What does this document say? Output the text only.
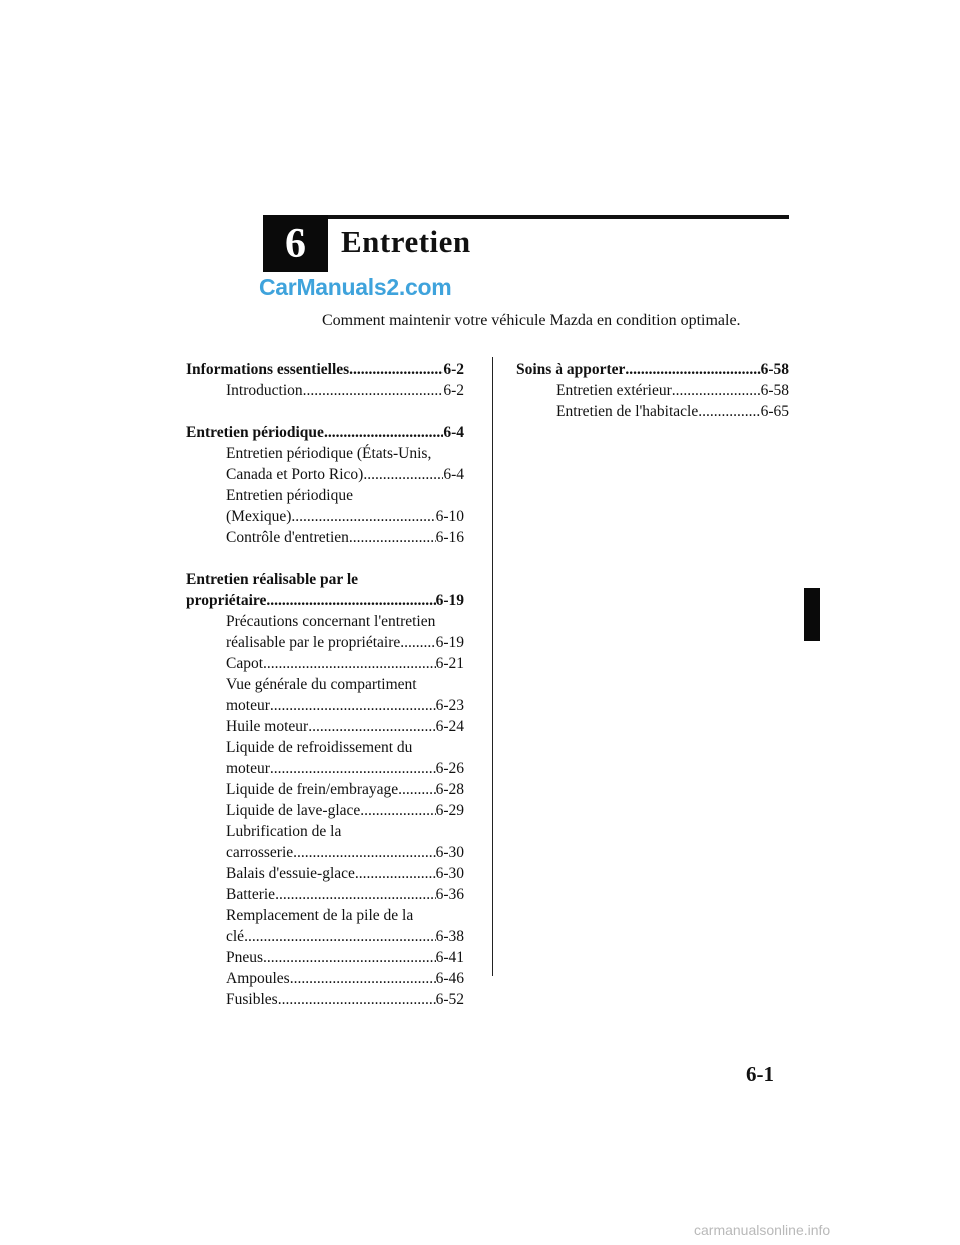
6 Entretien
CarManuals2.com
Comment maintenir votre véhicule Mazda en condition optimale.
Informations essentielles .....	6-2
Introduction .....	6-2
Entretien périodique .....	6-4
Entretien périodique (États-Unis,
Canada et Porto Rico) .....	6-4
Entretien périodique
(Mexique) .....	6-10
Contrôle d'entretien .....	6-16
Entretien réalisable par le
propriétaire .....	6-19
Précautions concernant l'entretien
réalisable par le propriétaire ..... 6-19
Capot .....	6-21
Vue générale du compartiment
moteur .....	6-23
Huile moteur .....	6-24
Liquide de refroidissement du
moteur .....	6-26
Liquide de frein/embrayage ..... 6-28
Liquide de lave-glace .....	6-29
Lubrification de la
carrosserie .....	6-30
Balais d'essuie-glace .....	6-30
Batterie .....	6-36
Remplacement de la pile de la
clé .....	6-38
Pneus .....	6-41
Ampoules .....	6-46
Fusibles .....	6-52
Soins à apporter .....	6-58
Entretien extérieur .....	6-58
Entretien de l'habitacle .....	6-65
6-1
carmanualsonline.info
